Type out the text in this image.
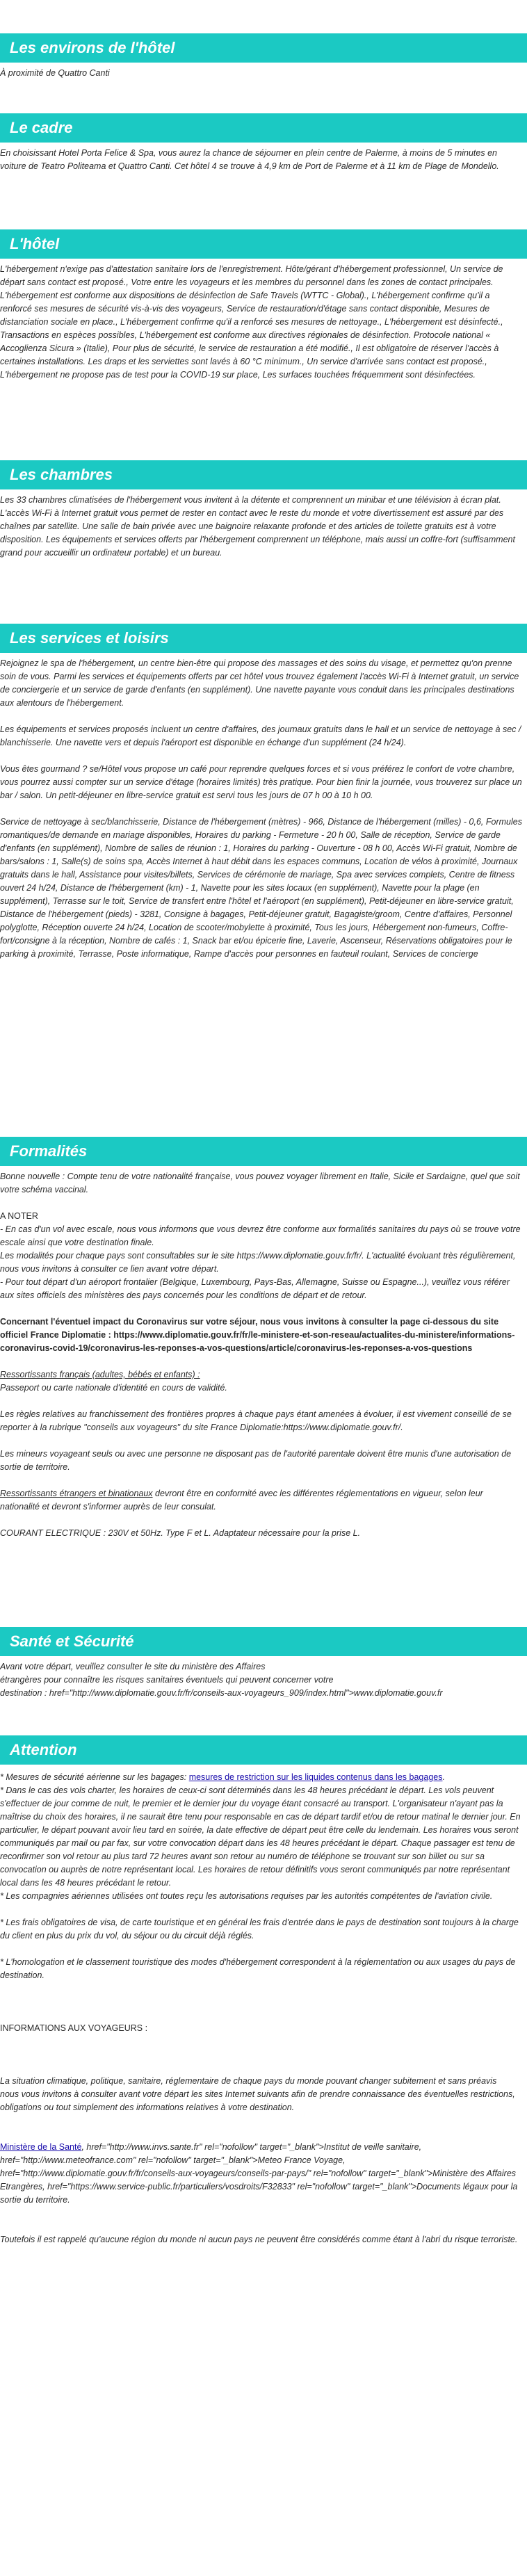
Les environs de l'hôtel

À proximité de Quattro Canti

Le cadre

En choisissant Hotel Porta Felice & Spa, vous aurez la chance de séjourner en plein centre de Palerme, à moins de 5 minutes en voiture de Teatro Politeama et Quattro Canti. Cet hôtel 4 se trouve à 4,9 km de Port de Palerme et à 11 km de Plage de Mondello.

L'hôtel

L'hébergement n'exige pas d'attestation sanitaire lors de l'enregistrement. Hôte/gérant d'hébergement professionnel, Un service de départ sans contact est proposé., Votre entre les voyageurs et les membres du personnel dans les zones de contact principales. L'hébergement est conforme aux dispositions de désinfection de Safe Travels (WTTC - Global)., L'hébergement confirme qu'il a renforcé ses mesures de sécurité vis-à-vis des voyageurs, Service de restauration/d'étage sans contact disponible, Mesures de distanciation sociale en place., L'hébergement confirme qu'il a renforcé ses mesures de nettoyage., L'hébergement est désinfecté., Transactions en espèces possibles, L'hébergement est conforme aux directives régionales de désinfection. Protocole national « Accoglienza Sicura » (Italie), Pour plus de sécurité, le service de restauration a été modifié., Il est obligatoire de réserver l'accès à certaines installations. Les draps et les serviettes sont lavés à 60 °C minimum., Un service d'arrivée sans contact est proposé., L'hébergement ne propose pas de test pour la COVID-19 sur place, Les surfaces touchées fréquemment sont désinfectées.

Les chambres

Les 33 chambres climatisées de l'hébergement vous invitent à la détente et comprennent un minibar et une télévision à écran plat. L'accès Wi-Fi à Internet gratuit vous permet de rester en contact avec le reste du monde et votre divertissement est assuré par des chaînes par satellite. Une salle de bain privée avec une baignoire relaxante profonde et des articles de toilette gratuits est à votre disposition. Les équipements et services offerts par l'hébergement comprennent un téléphone, mais aussi un coffre-fort (suffisamment grand pour accueillir un ordinateur portable) et un bureau.

Les services et loisirs

Rejoignez le spa de l'hébergement, un centre bien-être qui propose des massages et des soins du visage, et permettez qu'on prenne soin de vous. Parmi les services et équipements offerts par cet hôtel vous trouvez également l'accès Wi-Fi à Internet gratuit, un service de conciergerie et un service de garde d'enfants (en supplément). Une navette payante vous conduit dans les principales destinations aux alentours de l'hébergement.

Les équipements et services proposés incluent un centre d'affaires, des journaux gratuits dans le hall et un service de nettoyage à sec / blanchisserie. Une navette vers et depuis l'aéroport est disponible en échange d'un supplément (24 h/24).

Vous êtes gourmand ? se/Hôtel vous propose un café pour reprendre quelques forces et si vous préférez le confort de votre chambre, vous pourrez aussi compter sur un service d'étage (horaires limités) très pratique. Pour bien finir la journée, vous trouverez sur place un bar / salon. Un petit-déjeuner en libre-service gratuit est servi tous les jours de 07 h 00 à 10 h 00.

Service de nettoyage à sec/blanchisserie, Distance de l'hébergement (mètres) - 966, Distance de l'hébergement (milles) - 0,6, Formules romantiques/de demande en mariage disponibles, Horaires du parking - Fermeture - 20 h 00, Salle de réception, Service de garde d'enfants (en supplément), Nombre de salles de réunion : 1, Horaires du parking - Ouverture - 08 h 00, Accès Wi-Fi gratuit, Nombre de bars/salons : 1, Salle(s) de soins spa, Accès Internet à haut débit dans les espaces communs, Location de vélos à proximité, Journaux gratuits dans le hall, Assistance pour visites/billets, Services de cérémonie de mariage, Spa avec services complets, Centre de fitness ouvert 24 h/24, Distance de l'hébergement (km) - 1, Navette pour les sites locaux (en supplément), Navette pour la plage (en supplément), Terrasse sur le toit, Service de transfert entre l'hôtel et l'aéroport (en supplément), Petit-déjeuner en libre-service gratuit, Distance de l'hébergement (pieds) - 3281, Consigne à bagages, Petit-déjeuner gratuit, Bagagiste/groom, Centre d'affaires, Personnel polyglotte, Réception ouverte 24 h/24, Location de scooter/mobylette à proximité, Tous les jours, Hébergement non-fumeurs, Coffre-fort/consigne à la réception, Nombre de cafés : 1, Snack bar et/ou épicerie fine, Laverie, Ascenseur, Réservations obligatoires pour le parking à proximité, Terrasse, Poste informatique, Rampe d'accès pour personnes en fauteuil roulant, Services de concierge

Formalités

Bonne nouvelle : Compte tenu de votre nationalité française, vous pouvez voyager librement en Italie, Sicile et Sardaigne, quel que soit votre schéma vaccinal.

A NOTER

- En cas d'un vol avec escale, nous vous informons que vous devrez être conforme aux formalités sanitaires du pays où se trouve votre escale ainsi que votre destination finale.
Les modalités pour chaque pays sont consultables sur le site https://www.diplomatie.gouv.fr/fr/. L'actualité évoluant très régulièrement, nous vous invitons à consulter ce lien avant votre départ.
- Pour tout départ d'un aéroport frontalier (Belgique, Luxembourg, Pays-Bas, Allemagne, Suisse ou Espagne...), veuillez vous référer aux sites officiels des ministères des pays concernés pour les conditions de départ et de retour.

Concernant l'éventuel impact du Coronavirus sur votre séjour, nous vous invitons à consulter la page ci-dessous du site officiel France Diplomatie : https://www.diplomatie.gouv.fr/fr/le-ministere-et-son-reseau/actualites-du-ministere/informations-coronavirus-covid-19/coronavirus-les-reponses-a-vos-questions/article/coronavirus-les-reponses-a-vos-questions

Ressortissants français (adultes, bébés et enfants) :

Passeport ou carte nationale d'identité en cours de validité.

Les règles relatives au franchissement des frontières propres à chaque pays étant amenées à évoluer, il est vivement conseillé de se reporter à la rubrique "conseils aux voyageurs" du site France Diplomatie:https://www.diplomatie.gouv.fr/.

Les mineurs voyageant seuls ou avec une personne ne disposant pas de l'autorité parentale doivent être munis d'une autorisation de sortie de territoire.

Ressortissants étrangers et binationaux devront être en conformité avec les différentes réglementations en vigueur, selon leur nationalité et devront s'informer auprès de leur consulat.

COURANT ELECTRIQUE : 230V et 50Hz. Type F et L. Adaptateur nécessaire pour la prise L.

Santé et Sécurité

Avant votre départ, veuillez consulter le site du ministère des Affaires
étrangères pour connaître les risques sanitaires éventuels qui peuvent concerner votre
destination : href="http://www.diplomatie.gouv.fr/fr/conseils-aux-voyageurs_909/index.html">www.diplomatie.gouv.fr

Attention

* Mesures de sécurité aérienne sur les bagages: mesures de restriction sur les liquides contenus dans les bagages.

* Dans le cas des vols charter, les horaires de ceux-ci sont déterminés dans les 48 heures précédant le départ. Les vols peuvent s'effectuer de jour comme de nuit, le premier et le dernier jour du voyage étant consacré au transport. L'organisateur n'ayant pas la maîtrise du choix des horaires, il ne saurait être tenu pour responsable en cas de départ tardif et/ou de retour matinal le dernier jour. En particulier, le départ pouvant avoir lieu tard en soirée, la date effective de départ peut être celle du lendemain. Les horaires vous seront communiqués par mail ou par fax, sur votre convocation départ dans les 48 heures précédant le départ. Chaque passager est tenu de reconfirmer son vol retour au plus tard 72 heures avant son retour au numéro de téléphone se trouvant sur son billet ou sur sa convocation ou auprès de notre représentant local. Les horaires de retour définitifs vous seront communiqués par notre représentant local dans les 48 heures précédant le retour.

* Les compagnies aériennes utilisées ont toutes reçu les autorisations requises par les autorités compétentes de l'aviation civile.

* Les frais obligatoires de visa, de carte touristique et en général les frais d'entrée dans le pays de destination sont toujours à la charge du client en plus du prix du vol, du séjour ou du circuit déjà réglés.

* L'homologation et le classement touristique des modes d'hébergement correspondent à la réglementation ou aux usages du pays de destination.

INFORMATIONS AUX VOYAGEURS :

La situation climatique, politique, sanitaire, réglementaire de chaque pays du monde pouvant changer subitement et sans préavis
nous vous invitons à consulter avant votre départ les sites Internet suivants afin de prendre connaissance des éventuelles restrictions, obligations ou tout simplement des informations relatives à votre destination.

Ministère de la Santé, href="http://www.invs.sante.fr" rel="nofollow" target="_blank">Institut de veille sanitaire, href="http://www.meteofrance.com" rel="nofollow" target="_blank">Meteo France Voyage, href="http://www.diplomatie.gouv.fr/fr/conseils-aux-voyageurs/conseils-par-pays/" rel="nofollow" target="_blank">Ministère des Affaires Etrangères, href="https://www.service-public.fr/particuliers/vosdroits/F32833" rel="nofollow" target="_blank">Documents légaux pour la sortie du territoire.

Toutefois il est rappelé qu'aucune région du monde ni aucun pays ne peuvent être considérés comme étant à l'abri du risque terroriste.
